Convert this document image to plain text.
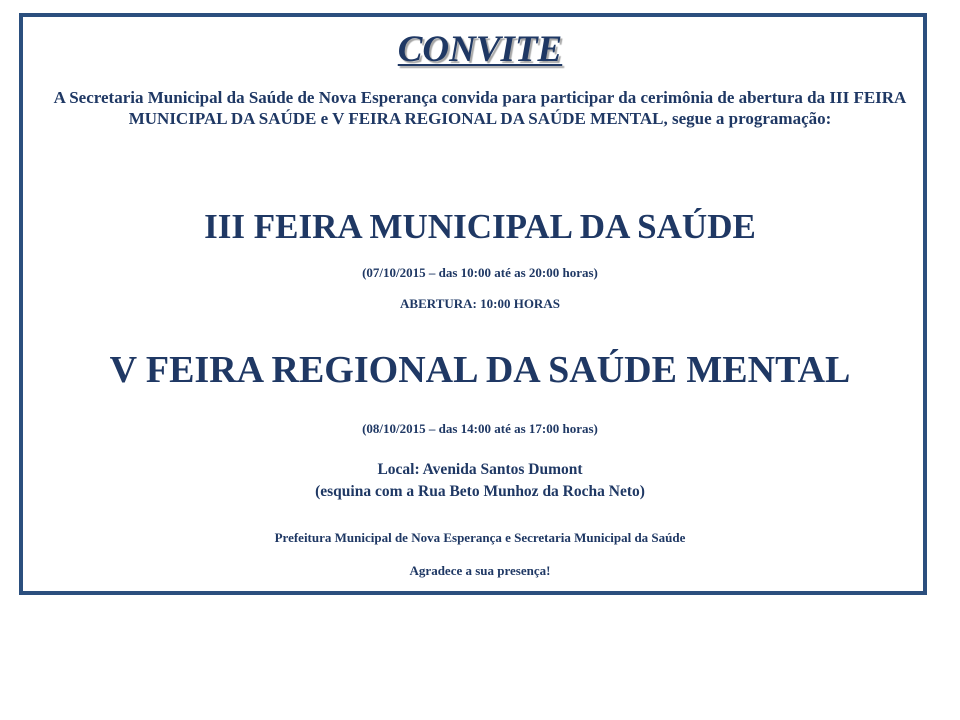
CONVITE
A Secretaria Municipal da Saúde de Nova Esperança convida para participar da cerimônia de abertura da III FEIRA MUNICIPAL DA SAÚDE e V FEIRA REGIONAL DA SAÚDE MENTAL, segue a programação:
III FEIRA MUNICIPAL DA SAÚDE
(07/10/2015 – das 10:00 até as 20:00 horas)
ABERTURA: 10:00 HORAS
V FEIRA REGIONAL DA SAÚDE MENTAL
(08/10/2015 – das 14:00 até as 17:00 horas)
Local: Avenida Santos Dumont
(esquina com a Rua Beto Munhoz da Rocha Neto)
Prefeitura Municipal de Nova Esperança e Secretaria Municipal da Saúde
Agradece a sua presença!
